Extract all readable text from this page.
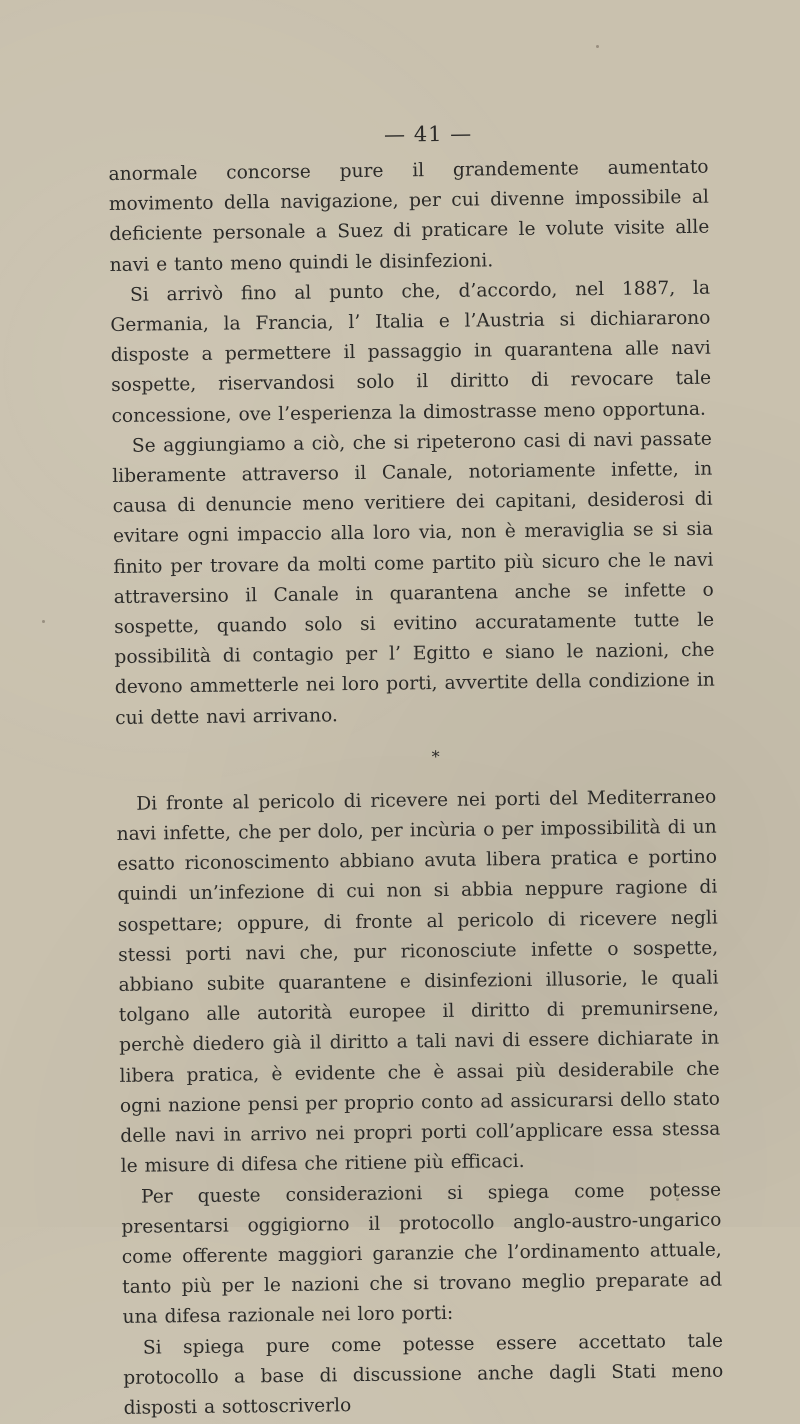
— 41 —

anormale concorse pure il grandemente aumentato movimento della navigazione, per cui divenne impossibile al deficiente personale a Suez di praticare le volute visite alle navi e tanto meno quindi le disinfezioni.

Si arrivò fino al punto che, d’accordo, nel 1887, la Germania, la Francia, l’ Italia e l’Austria si dichiararono disposte a permettere il passaggio in quarantena alle navi sospette, riservandosi solo il diritto di revocare tale concessione, ove l’esperienza la dimostrasse meno opportuna.

Se aggiungiamo a ciò, che si ripeterono casi di navi passate liberamente attraverso il Canale, notoriamente infette, in causa di denuncie meno veritiere dei capitani, desiderosi di evitare ogni impaccio alla loro via, non è meraviglia se si sia finito per trovare da molti come partito più sicuro che le navi attraversino il Canale in quarantena anche se infette o sospette, quando solo si evitino accuratamente tutte le possibilità di contagio per l’ Egitto e siano le nazioni, che devono ammetterle nei loro porti, avvertite della condizione in cui dette navi arrivano.

*

Di fronte al pericolo di ricevere nei porti del Mediterraneo navi infette, che per dolo, per incùria o per impossibilità di un esatto riconoscimento abbiano avuta libera pratica e portino quindi un’infezione di cui non si abbia neppure ragione di sospettare; oppure, di fronte al pericolo di ricevere negli stessi porti navi che, pur riconosciute infette o sospette, abbiano subite quarantene e disinfezioni illusorie, le quali tolgano alle autorità europee il diritto di premunirsene, perchè diedero già il diritto a tali navi di essere dichiarate in libera pratica, è evidente che è assai più desiderabile che ogni nazione pensi per proprio conto ad assicurarsi dello stato delle navi in arrivo nei propri porti coll’applicare essa stessa le misure di difesa che ritiene più efficaci.

Per queste considerazioni si spiega come potesse presentarsi oggigiorno il protocollo anglo-austro-ungarico come offerente maggiori garanzie che l’ordinamento attuale, tanto più per le nazioni che si trovano meglio preparate ad una difesa razionale nei loro porti:

Si spiega pure come potesse essere accettato tale protocollo a base di discussione anche dagli Stati meno disposti a sottoscriverlo
